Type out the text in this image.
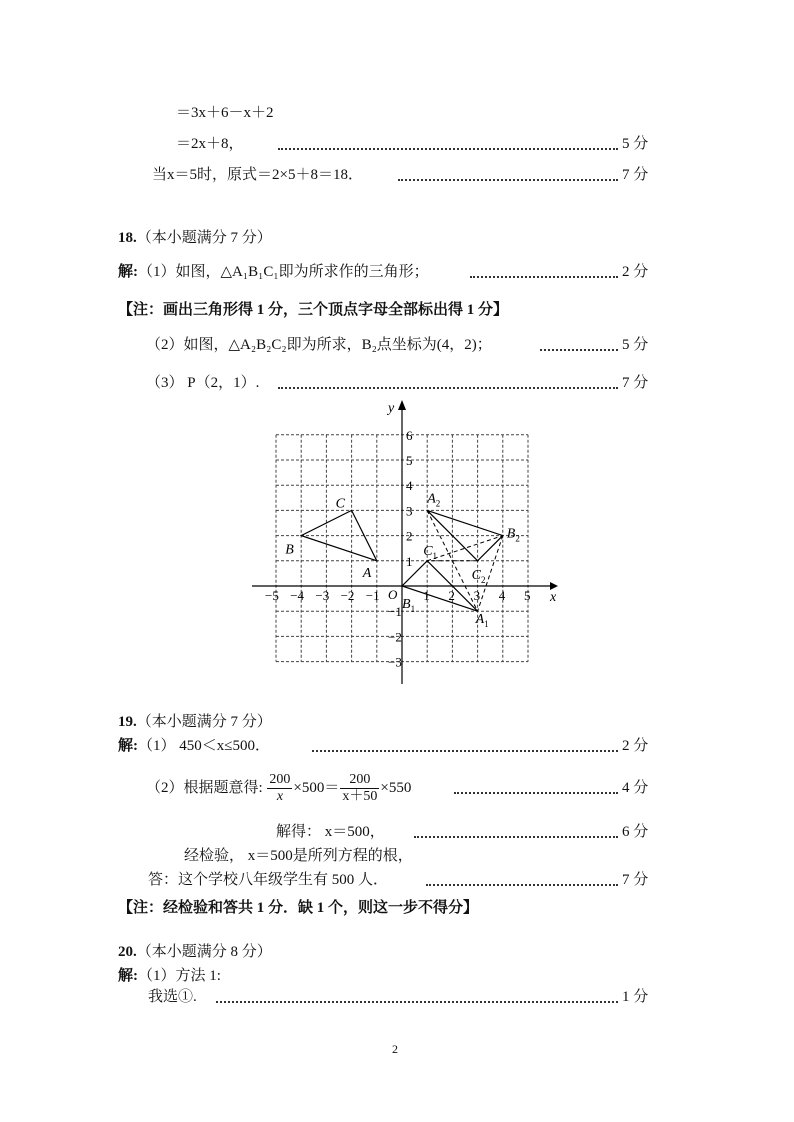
＝3x＋6－x＋2
＝2x＋8，	5 分
当x＝5时，原式＝2×5＋8＝18．	7 分
18.（本小题满分 7 分）
解:（1）如图，△A₁B₁C₁即为所求作的三角形；	2 分
【注：画出三角形得 1 分，三个顶点字母全部标出得 1 分】
（2）如图，△A₂B₂C₂即为所求，B₂点坐标为(4，2)；	5 分
（3） P（2，1）.	7 分
x
y
O
−5 −4 −3 −2 −1	1 2 3 4 5
6
5
4
3
2
1
−1
−2
−3
A
B
C
$A_1$
$B_1$
$C_1$
$A_2$
$B_2$
$C_2$
19.（本小题满分 7 分）
解:（1） 450＜x≤500．	2 分
（2）根据题意得: $\frac{200}{x} \times 500= \frac{200}{x+50} \times 550$	4 分
解得： x＝500，	6 分
经检验， x＝500是所列方程的根，
答：这个学校八年级学生有 500 人．	7 分
【注：经检验和答共 1 分．缺 1 个，则这一步不得分】
20.（本小题满分 8 分）
解:（1）方法 1:
我选①.	1 分
2
